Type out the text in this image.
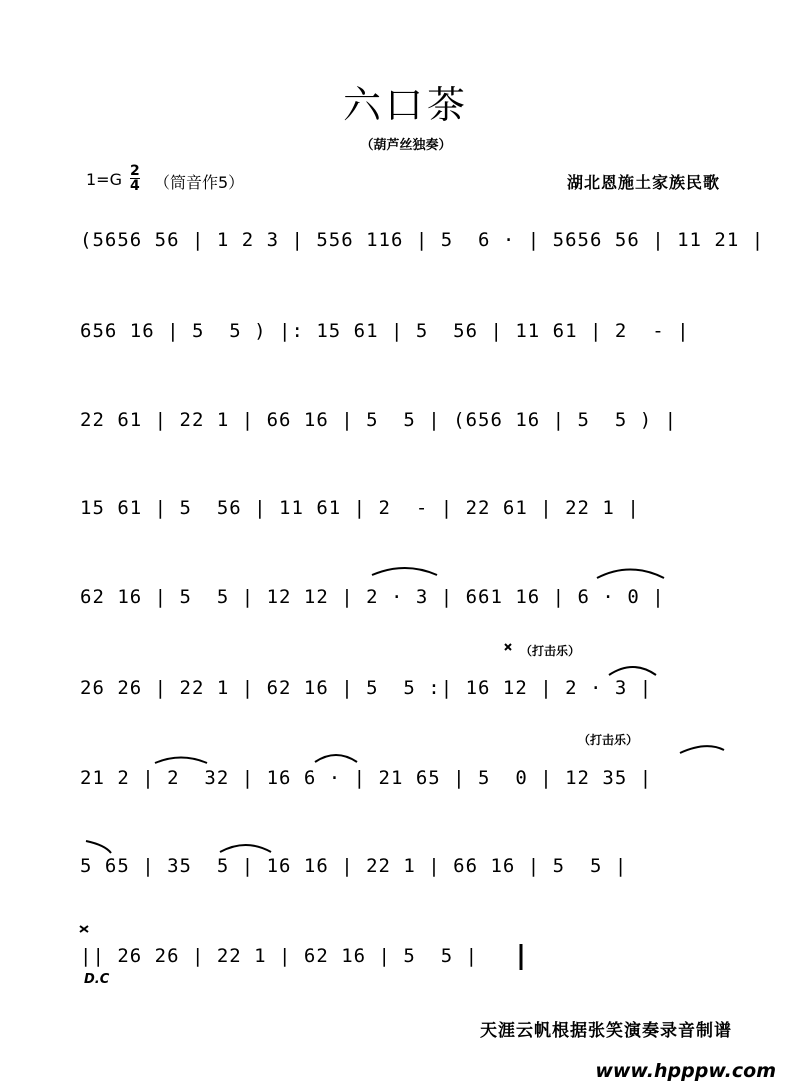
六口茶
（葫芦丝独奏）
1=G 2
4 （筒音作5）	湖北恩施土家族民歌
(5656 56 | 1 2 3 | 556 116 | 5  6 · | 5656 56 | 11 21 |
656 16 | 5  5 ) |: 15 61 | 5  56 | 11 61 | 2  - |
22 61 | 22 1 | 66 16 | 5  5 | (656 16 | 5  5 ) |
15 61 | 5  56 | 11 61 | 2  - | 22 61 | 22 1 |
62 16 | 5  5 | 12 12 | 2 · 3 | 661 16 | 6 · 0 |
26 26 | 22 1 | 62 16 | 5  5 :| 16 12 | 2 · 3 |
21 2 | 2  32 | 16 6 · | 21 65 | 5  0 | 12 35 |
5 65 | 35  5 | 16 16 | 22 1 | 66 16 | 5  5 |
|| 26 26 | 22 1 | 62 16 | 5  5 |
（打击乐）
（打击乐）
D.C
天涯云帆根据张笑演奏录音制谱
www.hpppw.com
